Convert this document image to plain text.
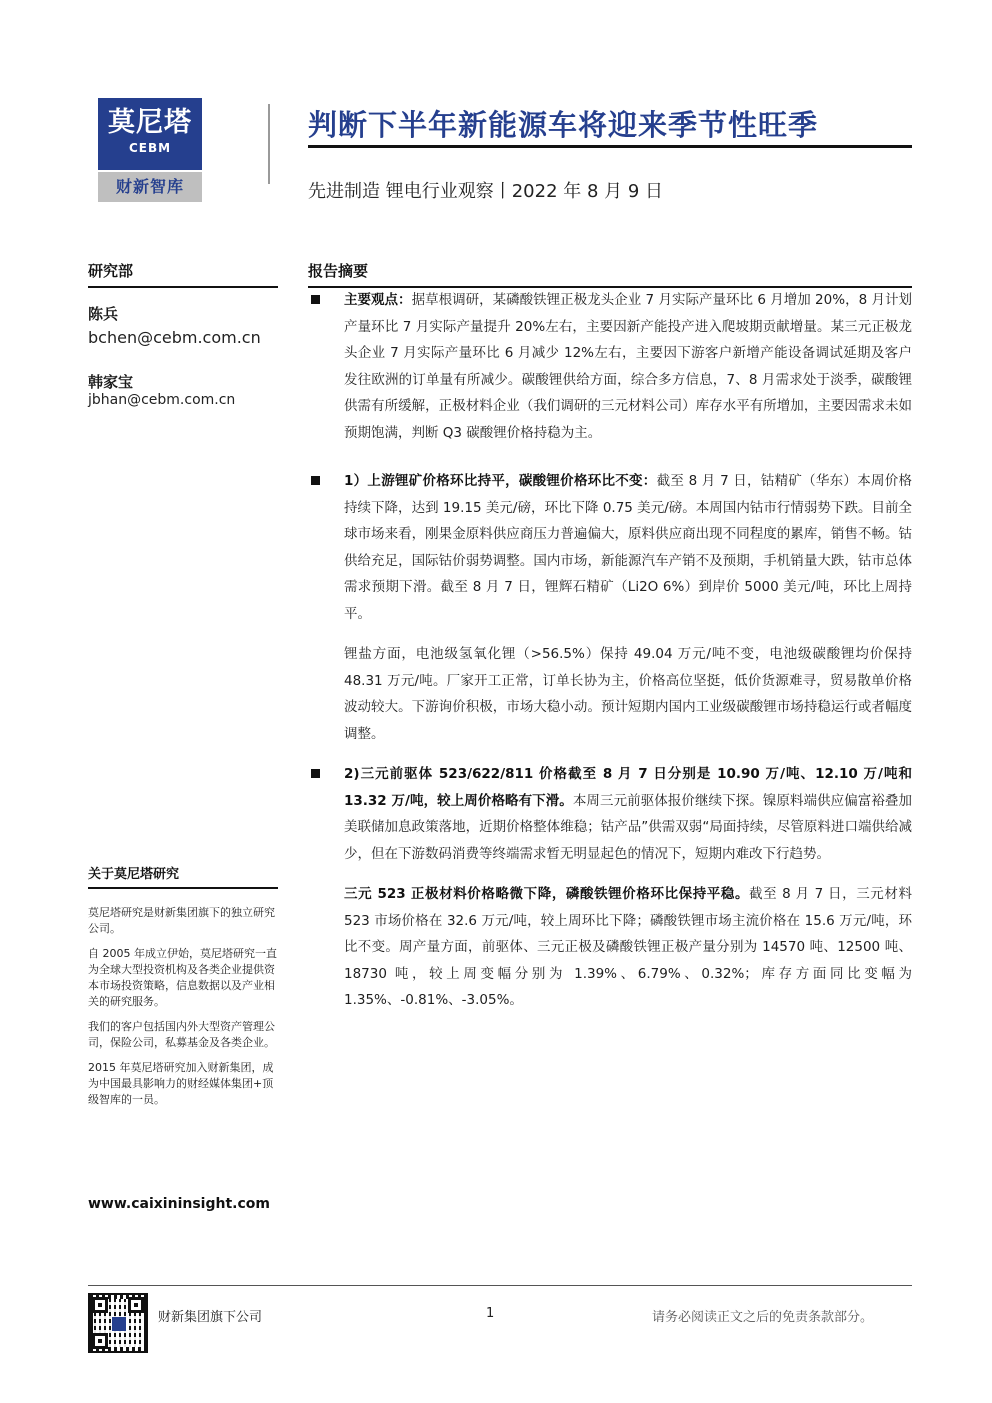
莫尼塔
CEBM
财新智库
判断下半年新能源车将迎来季节性旺季
先进制造 锂电行业观察丨2022 年 8 月 9 日
研究部
陈兵
bchen@cebm.com.cn
韩家宝
jbhan@cebm.com.cn
关于莫尼塔研究

莫尼塔研究是财新集团旗下的独立研究公司。

自 2005 年成立伊始，莫尼塔研究一直为全球大型投资机构及各类企业提供资本市场投资策略，信息数据以及产业相关的研究服务。

我们的客户包括国内外大型资产管理公司，保险公司，私募基金及各类企业。

2015 年莫尼塔研究加入财新集团，成为中国最具影响力的财经媒体集团+顶级智库的一员。

www.caixininsight.com
报告摘要
主要观点：据草根调研，某磷酸铁锂正极龙头企业 7 月实际产量环比 6 月增加 20%，8 月计划产量环比 7 月实际产量提升 20%左右，主要因新产能投产进入爬坡期贡献增量。某三元正极龙头企业 7 月实际产量环比 6 月减少 12%左右，主要因下游客户新增产能设备调试延期及客户发往欧洲的订单量有所减少。碳酸锂供给方面，综合多方信息，7、8 月需求处于淡季，碳酸锂供需有所缓解，正极材料企业（我们调研的三元材料公司）库存水平有所增加，主要因需求未如预期饱满，判断 Q3 碳酸锂价格持稳为主。
1）上游锂矿价格环比持平，碳酸锂价格环比不变：截至 8 月 7 日，钴精矿（华东）本周价格持续下降，达到 19.15 美元/磅，环比下降 0.75 美元/磅。本周国内钴市行情弱势下跌。目前全球市场来看，刚果金原料供应商压力普遍偏大，原料供应商出现不同程度的累库，销售不畅。钴供给充足，国际钴价弱势调整。国内市场，新能源汽车产销不及预期，手机销量大跌，钴市总体需求预期下滑。截至 8 月 7 日，锂辉石精矿（Li2O 6%）到岸价 5000 美元/吨，环比上周持平。
锂盐方面，电池级氢氧化锂（>56.5%）保持 49.04 万元/吨不变，电池级碳酸锂均价保持 48.31 万元/吨。厂家开工正常，订单长协为主，价格高位坚挺，低价货源难寻，贸易散单价格波动较大。下游询价积极，市场大稳小动。预计短期内国内工业级碳酸锂市场持稳运行或者幅度调整。
2)三元前驱体 523/622/811 价格截至 8 月 7 日分别是 10.90 万/吨、12.10 万/吨和 13.32 万/吨，较上周价格略有下滑。本周三元前驱体报价继续下探。镍原料端供应偏富裕叠加美联储加息政策落地，近期价格整体维稳；钴产品”供需双弱“局面持续，尽管原料进口端供给减少，但在下游数码消费等终端需求暂无明显起色的情况下，短期内难改下行趋势。
三元 523 正极材料价格略微下降，磷酸铁锂价格环比保持平稳。截至 8 月 7 日，三元材料 523 市场价格在 32.6 万元/吨，较上周环比下降；磷酸铁锂市场主流价格在 15.6 万元/吨，环比不变。周产量方面，前驱体、三元正极及磷酸铁锂正极产量分别为 14570 吨、12500 吨、18730 吨，较上周变幅分别为 1.39%、6.79%、0.32%；库存方面同比变幅为 1.35%、-0.81%、-3.05%。
财新集团旗下公司	1	请务必阅读正文之后的免责条款部分。
